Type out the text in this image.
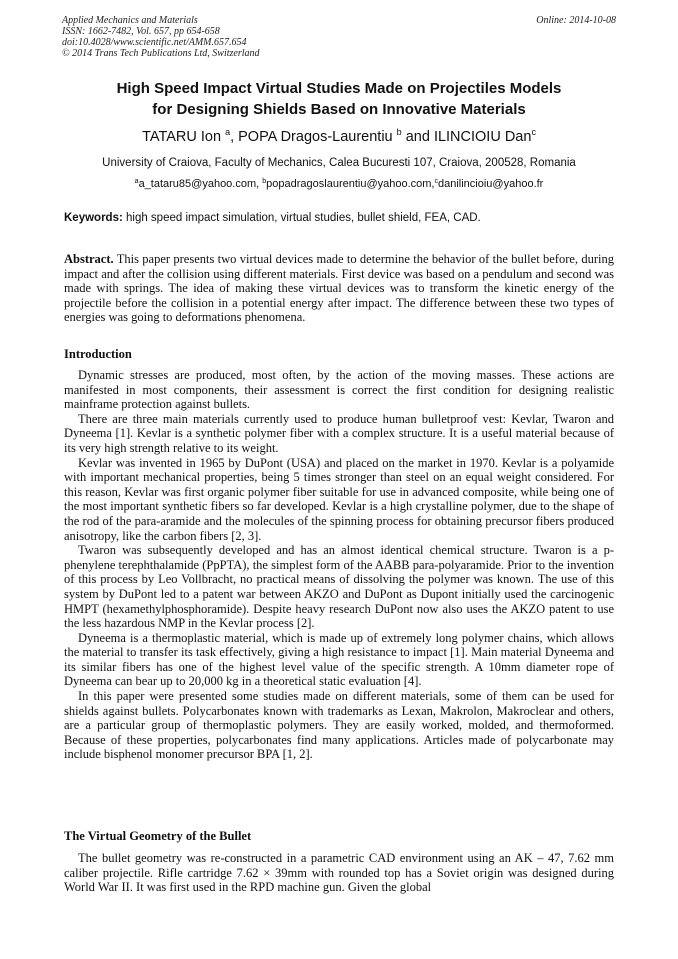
Applied Mechanics and Materials
ISSN: 1662-7482, Vol. 657, pp 654-658
doi:10.4028/www.scientific.net/AMM.657.654
© 2014 Trans Tech Publications Ltd, Switzerland
Online: 2014-10-08
High Speed Impact Virtual Studies Made on Projectiles Models
for Designing Shields Based on Innovative Materials
TATARU Ion $^a$, POPA Dragos-Laurentiu $^b$ and ILINCIOIU Dan$^c$
University of Craiova, Faculty of Mechanics, Calea Bucuresti 107, Craiova, 200528, Romania
$^a$a_tataru85@yahoo.com, $^b$popadragoslaurentiu@yahoo.com,$^c$danilincioiu@yahoo.fr
Keywords: high speed impact simulation, virtual studies, bullet shield, FEA, CAD.

Abstract. This paper presents two virtual devices made to determine the behavior of the bullet before, during impact and after the collision using different materials. First device was based on a pendulum and second was made with springs. The idea of making these virtual devices was to transform the kinetic energy of the projectile before the collision in a potential energy after impact. The difference between these two types of energies was going to deformations phenomena.

Introduction

Dynamic stresses are produced, most often, by the action of the moving masses. These actions are manifested in most components, their assessment is correct the first condition for designing realistic mainframe protection against bullets.

There are three main materials currently used to produce human bulletproof vest: Kevlar, Twaron and Dyneema [1]. Kevlar is a synthetic polymer fiber with a complex structure. It is a useful material because of its very high strength relative to its weight.

Kevlar was invented in 1965 by DuPont (USA) and placed on the market in 1970. Kevlar is a polyamide with important mechanical properties, being 5 times stronger than steel on an equal weight considered. For this reason, Kevlar was first organic polymer fiber suitable for use in advanced composite, while being one of the most important synthetic fibers so far developed. Kevlar is a high crystalline polymer, due to the shape of the rod of the para-aramide and the molecules of the spinning process for obtaining precursor fibers produced anisotropy, like the carbon fibers [2, 3].

Twaron was subsequently developed and has an almost identical chemical structure. Twaron is a p-phenylene terephthalamide (PpPTA), the simplest form of the AABB para-polyaramide. Prior to the invention of this process by Leo Vollbracht, no practical means of dissolving the polymer was known. The use of this system by DuPont led to a patent war between AKZO and DuPont as Dupont initially used the carcinogenic HMPT (hexamethylphosphoramide). Despite heavy research DuPont now also uses the AKZO patent to use the less hazardous NMP in the Kevlar process [2].

Dyneema is a thermoplastic material, which is made up of extremely long polymer chains, which allows the material to transfer its task effectively, giving a high resistance to impact [1]. Main material Dyneema and its similar fibers has one of the highest level value of the specific strength. A 10mm diameter rope of Dyneema can bear up to 20,000 kg in a theoretical static evaluation [4].

In this paper were presented some studies made on different materials, some of them can be used for shields against bullets. Polycarbonates known with trademarks as Lexan, Makrolon, Makroclear and others, are a particular group of thermoplastic polymers. They are easily worked, molded, and thermoformed. Because of these properties, polycarbonates find many applications. Articles made of polycarbonate may include bisphenol monomer precursor BPA [1, 2].

The Virtual Geometry of the Bullet

The bullet geometry was re-constructed in a parametric CAD environment using an AK – 47, 7.62 mm caliber projectile. Rifle cartridge 7.62 × 39mm with rounded top has a Soviet origin was designed during World War II. It was first used in the RPD machine gun. Given the global
